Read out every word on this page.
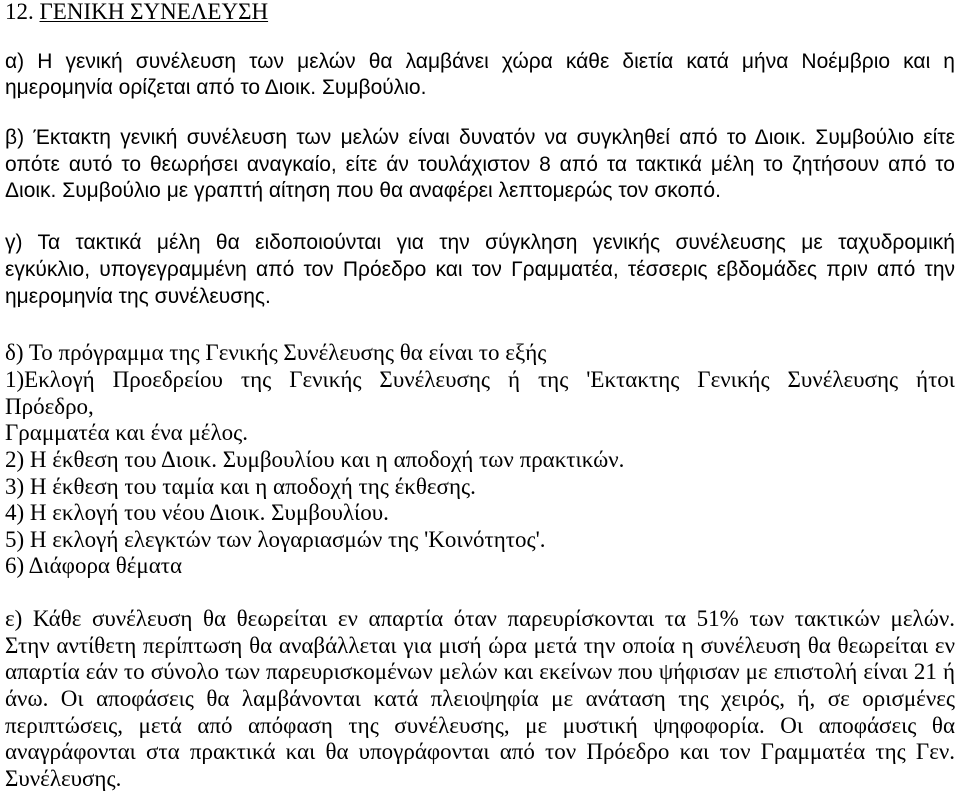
12. ΓΕΝΙΚΗ ΣΥΝΕΛΕΥΣΗ
α) Η γενική συνέλευση των μελών θα λαμβάνει χώρα κάθε διετία κατά μήνα Νοέμβριο και η
ημερομηνία ορίζεται από το Διοικ. Συμβούλιο.
β) Έκτακτη γενική συνέλευση των μελών είναι δυνατόν να συγκληθεί από το Διοικ. Συμβούλιο είτε
οπότε αυτό το θεωρήσει αναγκαίο, είτε άν τουλάχιστον 8 από τα τακτικά μέλη το ζητήσουν από το
Διοικ. Συμβούλιο με γραπτή αίτηση που θα αναφέρει λεπτομερώς τον σκοπό.
γ) Τα τακτικά μέλη θα ειδοποιούνται για την σύγκληση γενικής συνέλευσης με ταχυδρομική
εγκύκλιο, υπογεγραμμένη από τον Πρόεδρο και τον Γραμματέα, τέσσερις εβδομάδες πριν από την
ημερομηνία της συνέλευσης.
δ) Το πρόγραμμα της Γενικής Συνέλευσης θα είναι το εξής
1)Εκλογή Προεδρείου της Γενικής Συνέλευσης ή της 'Εκτακτης Γενικής Συνέλευσης ήτοι
Πρόεδρο,
Γραμματέα και ένα μέλος.
2) Η έκθεση του Διοικ. Συμβουλίου και η αποδοχή των πρακτικών.
3) Η έκθεση του ταμία και η αποδοχή της έκθεσης.
4) Η εκλογή του νέου Διοικ. Συμβουλίου.
5) Η εκλογή ελεγκτών των λογαριασμών της 'Κοινότητος'.
6) Διάφορα θέματα
ε) Κάθε συνέλευση θα θεωρείται εν απαρτία όταν παρευρίσκονται τα 51% των τακτικών μελών.
Στην αντίθετη περίπτωση θα αναβάλλεται για μισή ώρα μετά την οποία η συνέλευση θα θεωρείται εν
απαρτία εάν το σύνολο των παρευρισκομένων μελών και εκείνων που ψήφισαν με επιστολή είναι 21 ή
άνω. Οι αποφάσεις θα λαμβάνονται κατά πλειοψηφία με ανάταση της χειρός, ή, σε ορισμένες
περιπτώσεις, μετά από απόφαση της συνέλευσης, με μυστική ψηφοφορία. Οι αποφάσεις θα
αναγράφονται στα πρακτικά και θα υπογράφονται από τον Πρόεδρο και τον Γραμματέα της Γεν.
Συνέλευσης.
